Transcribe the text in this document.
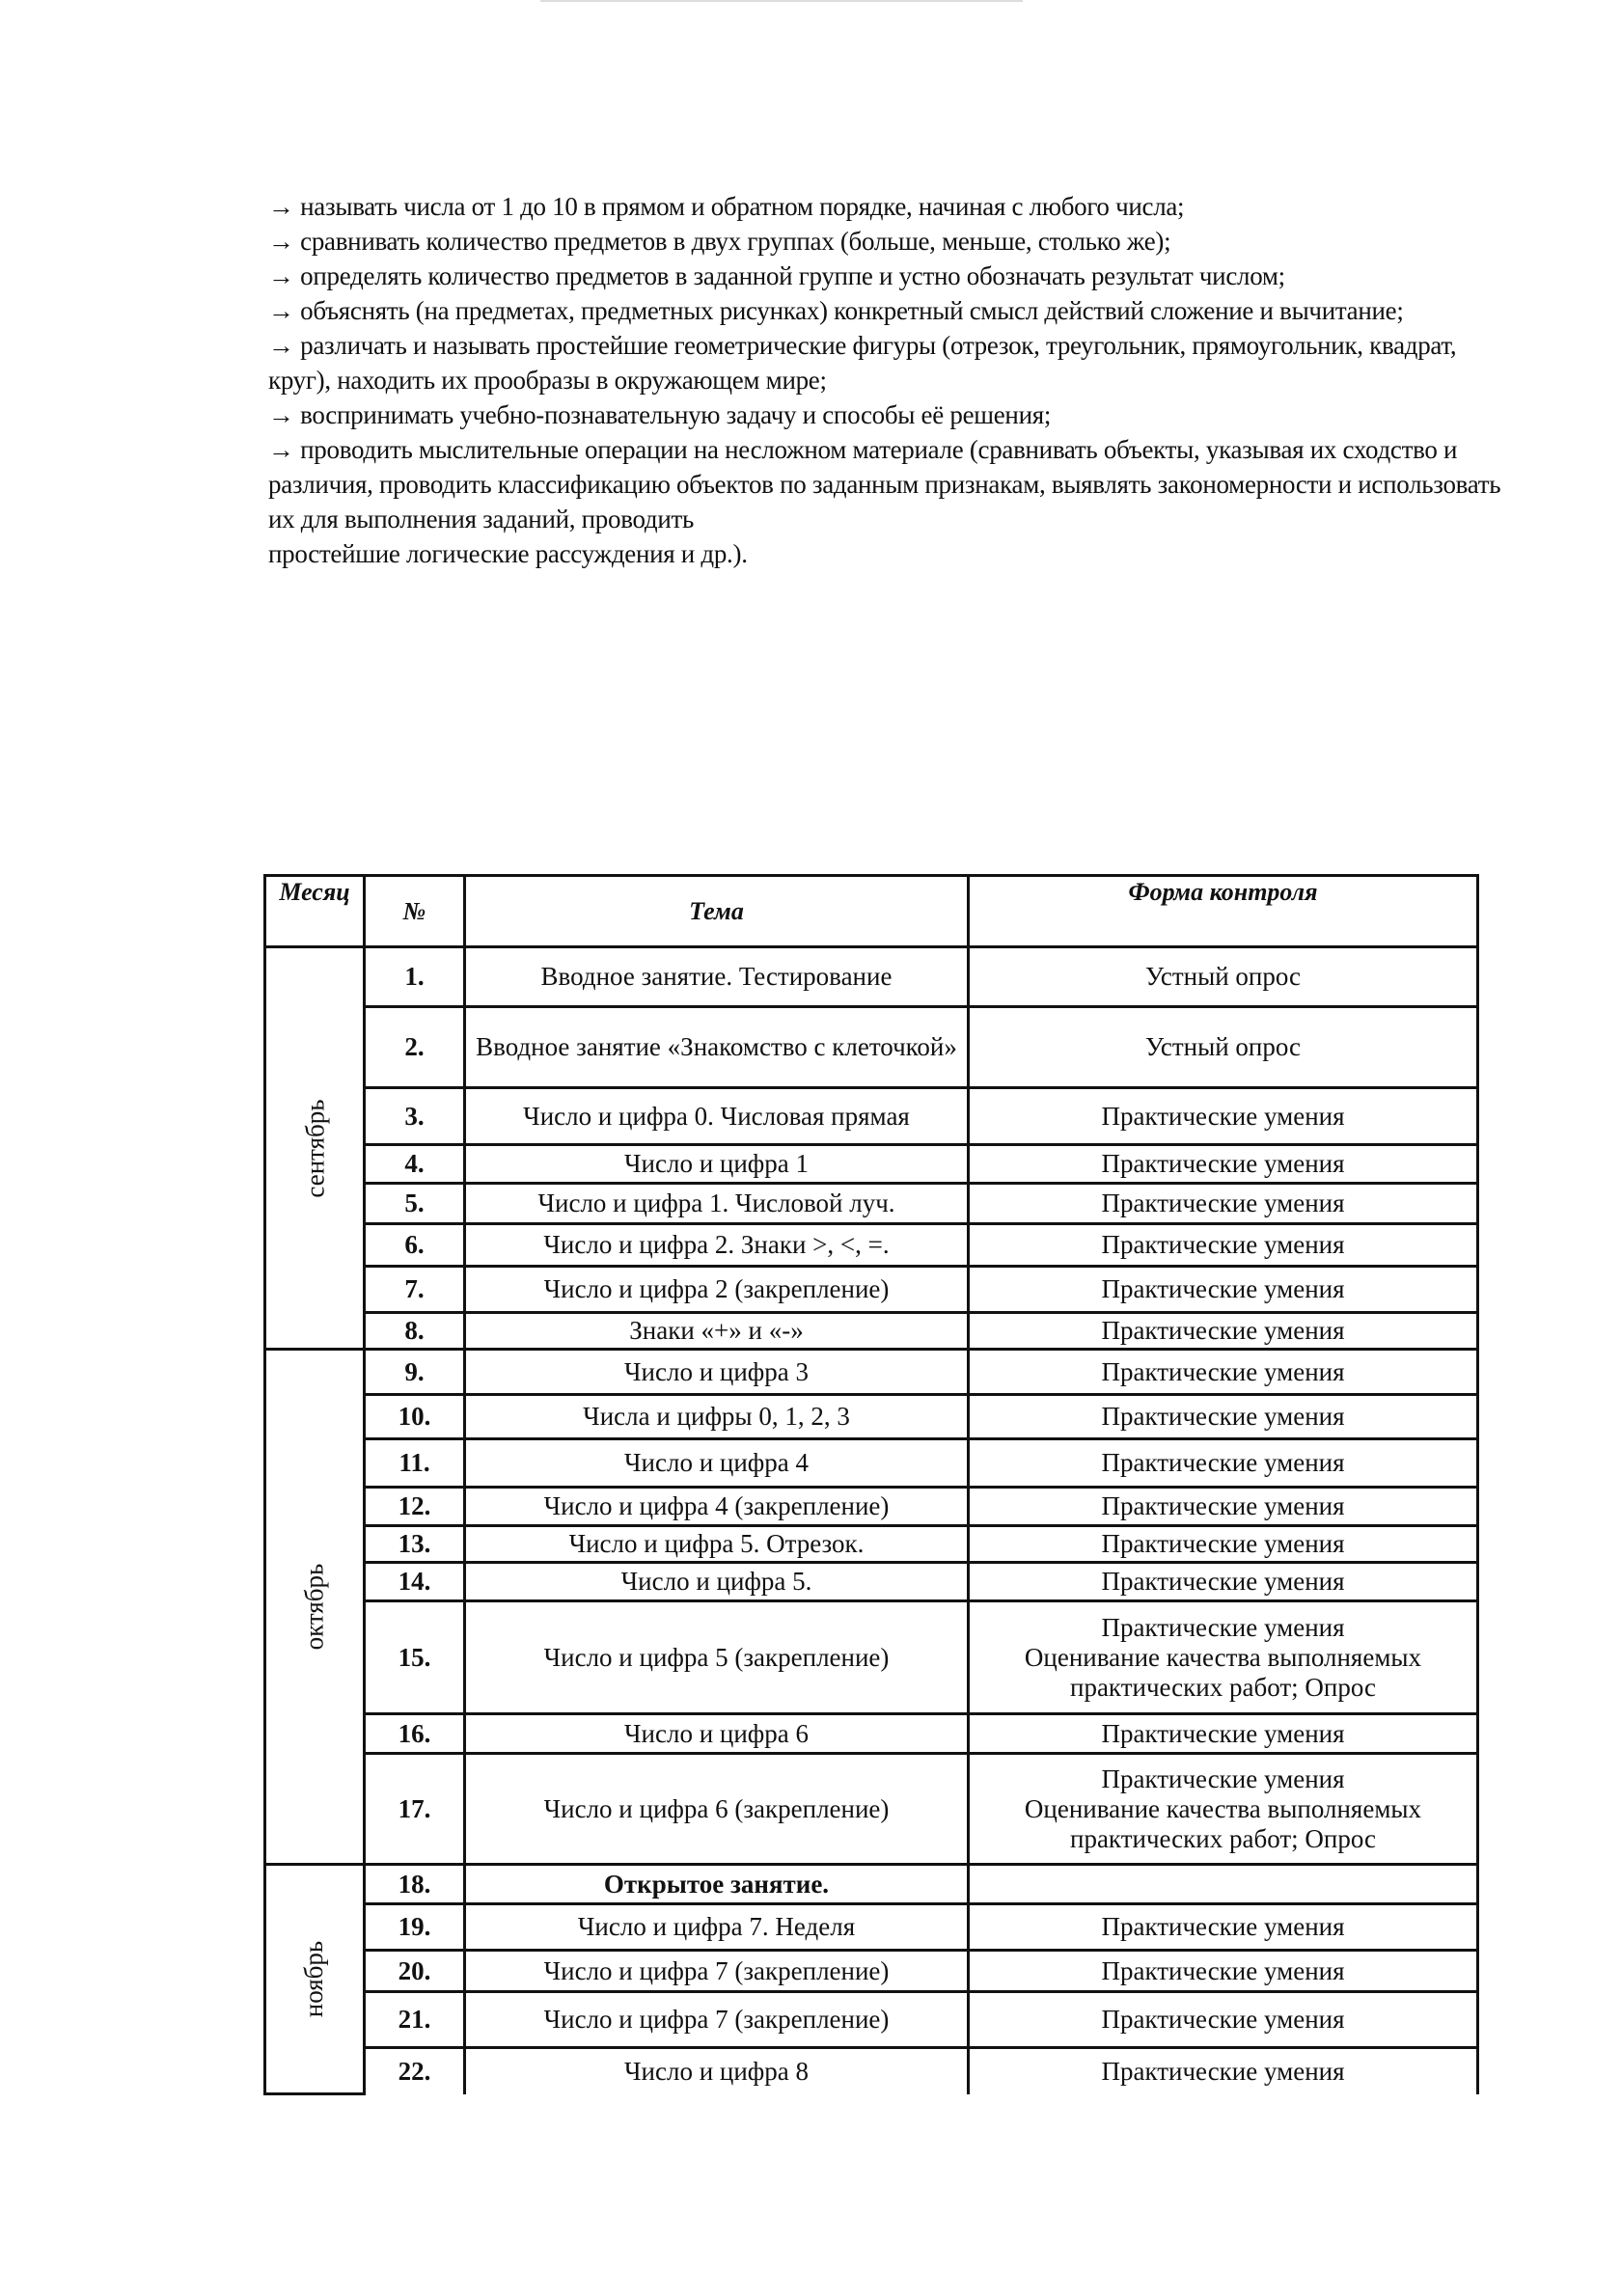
→ называть числа от 1 до 10 в прямом и обратном порядке, начиная с любого числа;

→ сравнивать количество предметов в двух группах (больше, меньше, столько же);

→ определять количество предметов в заданной группе и устно обозначать результат числом;

→ объяснять (на предметах, предметных рисунках) конкретный смысл действий сложение и вычитание;

→ различать и называть простейшие геометрические фигуры (отрезок, треугольник, прямоугольник, квадрат, круг), находить их прообразы в окружающем мире;

→ воспринимать учебно-познавательную задачу и способы её решения;

→ проводить мыслительные операции на несложном материале (сравнивать объекты, указывая их сходство и различия, проводить классификацию объектов по заданным признакам, выявлять закономерности и использовать их для выполнения заданий, проводить

простейшие логические рассуждения и др.).

Месяц	№	Тема	Форма контроля
сентябрь	1.	Вводное занятие. Тестирование	Устный опрос

	2.	Вводное занятие «Знакомство с клеточкой»	Устный опрос

	3.	Число и цифра 0. Числовая прямая	Практические умения

	4.	Число и цифра 1	Практические умения

	5.	Число и цифра 1. Числовой луч.	Практические умения

	6.	Число и цифра 2. Знаки >, <, =.	Практические умения

	7.	Число и цифра 2 (закрепление)	Практические умения

	8.	Знаки «+» и «-»	Практические умения

октябрь	9.	Число и цифра 3	Практические умения

	10.	Числа и цифры 0, 1, 2, 3	Практические умения

	11.	Число и цифра 4	Практические умения

	12.	Число и цифра 4 (закрепление)	Практические умения

	13.	Число и цифра 5. Отрезок.	Практические умения

	14.	Число и цифра 5.	Практические умения

	15.	Число и цифра 5 (закрепление)	Практические умения
Оценивание качества выполняемых
практических работ; Опрос

	16.	Число и цифра 6	Практические умения

	17.	Число и цифра 6 (закрепление)	Практические умения
Оценивание качества выполняемых
практических работ; Опрос

ноябрь	18.	Открытое занятие.	
	19.	Число и цифра 7. Неделя	Практические умения

	20.	Число и цифра 7 (закрепление)	Практические умения

	21.	Число и цифра 7 (закрепление)	Практические умения

	22.	Число и цифра 8	Практические умения
